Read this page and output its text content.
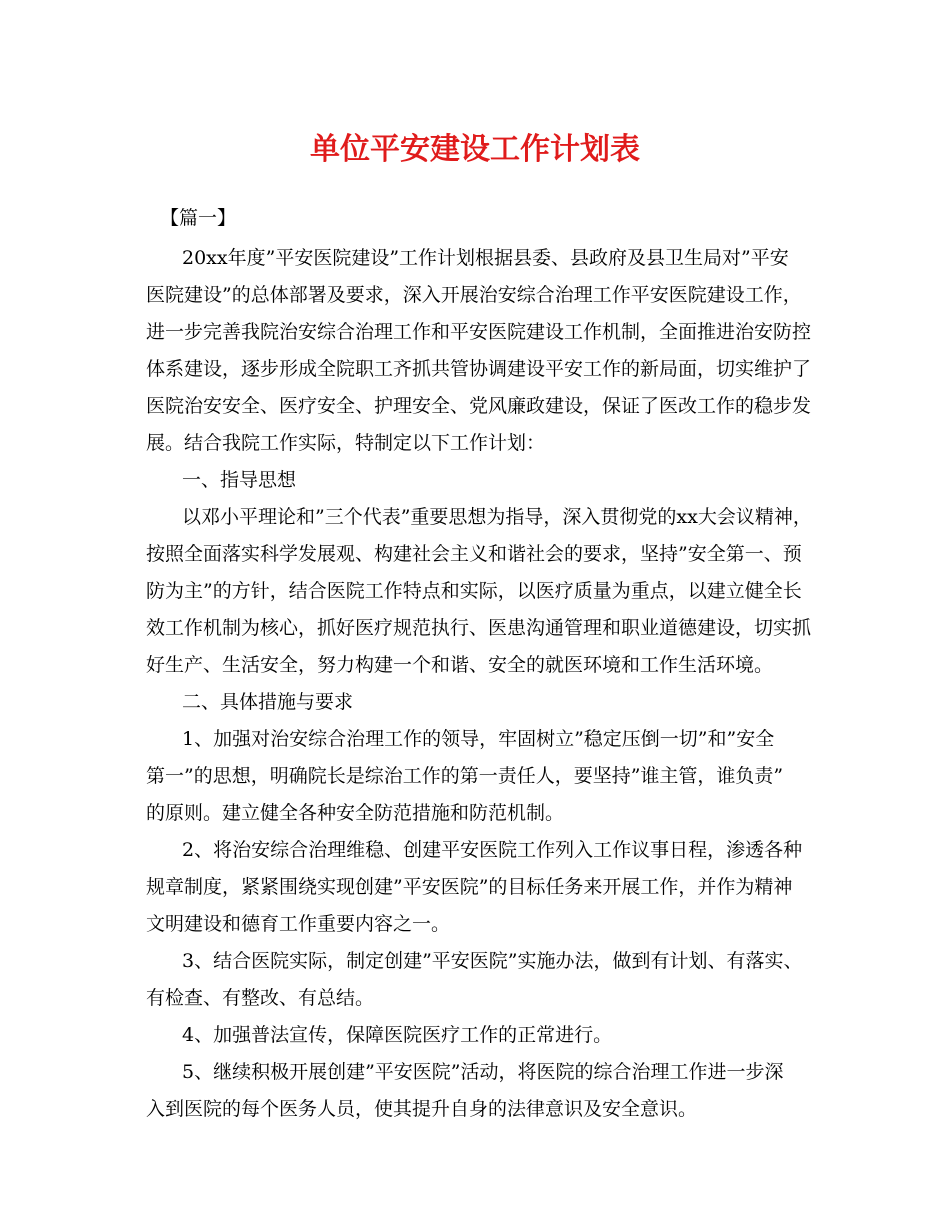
单位平安建设工作计划表
【篇一】
20xx年度”平安医院建设”工作计划根据县委、县政府及县卫生局对”平安
医院建设”的总体部署及要求，深入开展治安综合治理工作平安医院建设工作，
进一步完善我院治安综合治理工作和平安医院建设工作机制，全面推进治安防控
体系建设，逐步形成全院职工齐抓共管协调建设平安工作的新局面，切实维护了
医院治安安全、医疗安全、护理安全、党风廉政建设，保证了医改工作的稳步发
展。结合我院工作实际，特制定以下工作计划：
一、指导思想
以邓小平理论和”三个代表”重要思想为指导，深入贯彻党的xx大会议精神，
按照全面落实科学发展观、构建社会主义和谐社会的要求，坚持”安全第一、预
防为主”的方针，结合医院工作特点和实际，以医疗质量为重点，以建立健全长
效工作机制为核心，抓好医疗规范执行、医患沟通管理和职业道德建设，切实抓
好生产、生活安全，努力构建一个和谐、安全的就医环境和工作生活环境。
二、具体措施与要求
1、加强对治安综合治理工作的领导，牢固树立”稳定压倒一切”和”安全
第一”的思想，明确院长是综治工作的第一责任人，要坚持”谁主管，谁负责”
的原则。建立健全各种安全防范措施和防范机制。
2、将治安综合治理维稳、创建平安医院工作列入工作议事日程，渗透各种
规章制度，紧紧围绕实现创建”平安医院”的目标任务来开展工作，并作为精神
文明建设和德育工作重要内容之一。
3、结合医院实际，制定创建”平安医院”实施办法，做到有计划、有落实、
有检查、有整改、有总结。
4、加强普法宣传，保障医院医疗工作的正常进行。
5、继续积极开展创建”平安医院”活动，将医院的综合治理工作进一步深
入到医院的每个医务人员，使其提升自身的法律意识及安全意识。
